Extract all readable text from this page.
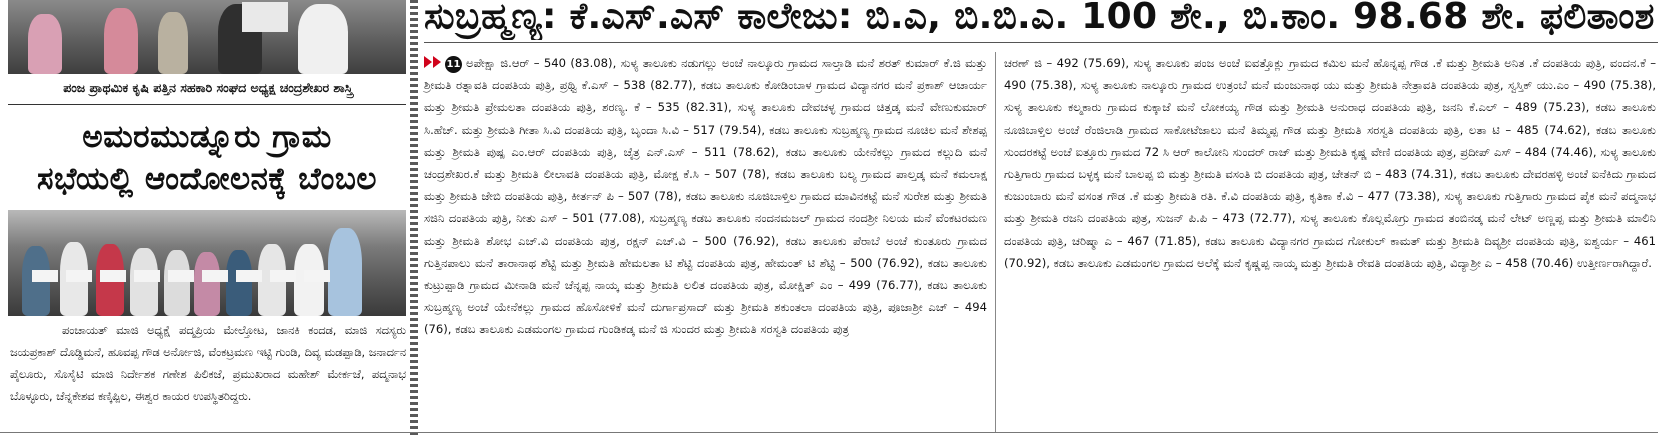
ಪಂಜ ಪ್ರಾಥಮಿಕ ಕೃಷಿ ಪತ್ತಿನ ಸಹಕಾರಿ ಸಂಘದ ಅಧ್ಯಕ್ಷ ಚಂದ್ರಶೇಖರ ಶಾಸ್ತ್ರಿ
ಅಮರಮುಡ್ನೂರು ಗ್ರಾಮ
ಸಭೆಯಲ್ಲಿ ಆಂದೋಲನಕ್ಕೆ ಬೆಂಬಲ
ಪಂಚಾಯತ್ ಮಾಜಿ ಅಧ್ಯಕ್ಷೆ ಪದ್ಮಪ್ರಿಯ ಮೇಲ್ತೋಟ, ಜಾನಕಿ ಕಂದಡ, ಮಾಜಿ ಸದಸ್ಯರು ಜಯಪ್ರಕಾಶ್ ದೊಡ್ಡಿಮನೆ, ಹೂವಪ್ಪ ಗೌಡ ಅರ್ನೋಜಿ, ವೆಂಕಟ್ರಮಣ ಇಟ್ಟಿ ಗುಂಡಿ, ದಿವ್ಯ ಮಡಪ್ಪಾಡಿ, ಜನಾರ್ದನ ಪೈಲೂರು, ಸೊಸೈಟಿ ಮಾಜಿ ನಿರ್ದೇಶಕ ಗಣೇಶ ಪಿಲಿಕಜೆ, ಪ್ರಮುಖರಾದ ಮಹೇಶ್ ಮೇರ್ಕಜೆ, ಪದ್ಮನಾಭ ಬೊಳ್ಳೂರು, ಚೆನ್ನಕೇಶವ ಕಣ್ಕಿಪ್ಪಿಲ, ಈಶ್ವರ ಕಾಯರ ಉಪಸ್ಥಿತರಿದ್ದರು.
ಸುಬ್ರಹ್ಮಣ್ಯ: ಕೆ.ಎಸ್.ಎಸ್ ಕಾಲೇಜು: ಬಿ.ಎ, ಬಿ.ಬಿ.ಎ. 100 ಶೇ., ಬಿ.ಕಾಂ. 98.68 ಶೇ. ಫಲಿತಾಂಶ
11 ಅಪೇಕ್ಷಾ ಜಿ.ಆರ್ – 540 (83.08), ಸುಳ್ಯ ತಾಲೂಕು ನಡುಗಲ್ಲು ಅಂಚೆ ನಾಲ್ಕೂರು ಗ್ರಾಮದ ಸಾಲ್ತಾಡಿ ಮನೆ ಶರತ್ ಕುಮಾರ್ ಕೆ.ಜಿ ಮತ್ತು ಶ್ರೀಮತಿ ರತ್ನಾವತಿ ದಂಪತಿಯ ಪುತ್ರಿ, ಪ್ರಥ್ವಿ ಕೆ.ಎಸ್ – 538 (82.77), ಕಡಬ ತಾಲೂಕು ಕೋಡಿಂಬಾಳ ಗ್ರಾಮದ ವಿದ್ಯಾನಗರ ಮನೆ ಪ್ರಕಾಶ್ ಆಚಾರ್ಯ ಮತ್ತು ಶ್ರೀಮತಿ ಪ್ರೇಮಲತಾ ದಂಪತಿಯ ಪುತ್ರಿ, ಶರಣ್ಯ. ಕೆ – 535 (82.31), ಸುಳ್ಯ ತಾಲೂಕು ದೇವಚಳ್ಳ ಗ್ರಾಮದ ಚಿತ್ತಡ್ಕ ಮನೆ ವೇಣುಕುಮಾರ್ ಸಿ.ಹೆಚ್. ಮತ್ತು ಶ್ರೀಮತಿ ಗೀತಾ ಸಿ.ವಿ ದಂಪತಿಯ ಪುತ್ರಿ, ಬೃಂದಾ ಸಿ.ವಿ – 517 (79.54), ಕಡಬ ತಾಲೂಕು ಸುಬ್ರಹ್ಮಣ್ಯ ಗ್ರಾಮದ ನೂಚಿಲ ಮನೆ ಶೇಶಪ್ಪ ಮತ್ತು ಶ್ರೀಮತಿ ಪುಷ್ಪ ಎಂ.ಆರ್ ದಂಪತಿಯ ಪುತ್ರಿ, ಚೈತ್ರ ಎನ್.ಎಸ್ – 511 (78.62), ಕಡಬ ತಾಲೂಕು ಯೇನೆಕಲ್ಲು ಗ್ರಾಮದ ಕಲ್ಲುದಿ ಮನೆ ಚಂದ್ರಶೇಖರ.ಕೆ ಮತ್ತು ಶ್ರೀಮತಿ ಲೀಲಾವತಿ ದಂಪತಿಯ ಪುತ್ರಿ, ಮೋಕ್ಷ ಕೆ.ಸಿ – 507 (78), ಕಡಬ ತಾಲೂಕು ಬಲ್ಯ ಗ್ರಾಮದ ಪಾಲ್ತಡ್ಕ ಮನೆ ಕಮಲಾಕ್ಷ ಮತ್ತು ಶ್ರೀಮತಿ ಜೇಬಿ ದಂಪತಿಯ ಪುತ್ರಿ, ಕೀರ್ತನ್ ಪಿ – 507 (78), ಕಡಬ ತಾಲೂಕು ನೂಜಿಬಾಳ್ತಿಲ ಗ್ರಾಮದ ಮಾವಿನಕಟ್ಟೆ ಮನೆ ಸುರೇಶ ಮತ್ತು ಶ್ರೀಮತಿ ಸಜಿನಿ ದಂಪತಿಯ ಪುತ್ರಿ, ನೀತು ಎಸ್ – 501 (77.08), ಸುಬ್ರಹ್ಮಣ್ಯ ಕಡಬ ತಾಲೂಕು ನಂದನಮಜಲ್ ಗ್ರಾಮದ ನಂದಶ್ರೀ ನಿಲಯ ಮನೆ ವೆಂಕಟರಮಣ ಮತ್ತು ಶ್ರೀಮತಿ ಶೋಭ ಎಚ್.ವಿ ದಂಪತಿಯ ಪುತ್ರ, ರಕ್ಷನ್ ಎಚ್.ವಿ – 500 (76.92), ಕಡಬ ತಾಲೂಕು ಪೆರಾಬೆ ಅಂಚೆ ಕುಂತೂರು ಗ್ರಾಮದ ಗುತ್ತಿನಪಾಲು ಮನೆ ತಾರಾನಾಥ ಶೆಟ್ಟಿ ಮತ್ತು ಶ್ರೀಮತಿ ಹೇಮಲತಾ ಟಿ ಶೆಟ್ಟಿ ದಂಪತಿಯ ಪುತ್ರ, ಹೇಮಂತ್ ಟಿ ಶೆಟ್ಟಿ – 500 (76.92), ಕಡಬ ತಾಲೂಕು ಕುಟ್ರುಪ್ಪಾಡಿ ಗ್ರಾಮದ ಮೀನಾಡಿ ಮನೆ ಚೆನ್ನಪ್ಪ ನಾಯ್ಕ ಮತ್ತು ಶ್ರೀಮತಿ ಲಲಿತ ದಂಪತಿಯ ಪುತ್ರ, ಮೋಕ್ಷಿತ್ ಎಂ – 499 (76.77), ಕಡಬ ತಾಲೂಕು ಸುಬ್ರಹ್ಮಣ್ಯ ಅಂಚೆ ಯೇನೆಕಲ್ಲು ಗ್ರಾಮದ ಹೊಸೋಳಿಕೆ ಮನೆ ದುರ್ಗಾಪ್ರಸಾದ್ ಮತ್ತು ಶ್ರೀಮತಿ ಶಕುಂತಲಾ ದಂಪತಿಯ ಪುತ್ರಿ, ಪೂಜಾಶ್ರೀ ಎಚ್ – 494 (76), ಕಡಬ ತಾಲೂಕು ಎಡಮಂಗಲ ಗ್ರಾಮದ ಗುಂಡಿಕಡ್ಕ ಮನೆ ಜಿ ಸುಂದರ ಮತ್ತು ಶ್ರೀಮತಿ ಸರಸ್ವತಿ ದಂಪತಿಯ ಪುತ್ರ
ಚರಣ್ ಜಿ – 492 (75.69), ಸುಳ್ಯ ತಾಲೂಕು ಪಂಜ ಅಂಚೆ ಐವತ್ತೊಕ್ಲು ಗ್ರಾಮದ ಕಮಿಲ ಮನೆ ಹೊನ್ನಪ್ಪ ಗೌಡ .ಕೆ ಮತ್ತು ಶ್ರೀಮತಿ ಅನಿತ .ಕೆ ದಂಪತಿಯ ಪುತ್ರಿ, ವಂದನ.ಕೆ – 490 (75.38), ಸುಳ್ಯ ತಾಲೂಕು ನಾಲ್ಕೂರು ಗ್ರಾಮದ ಉತ್ರಂಬೆ ಮನೆ ಮಂಜುನಾಥ ಯು ಮತ್ತು ಶ್ರೀಮತಿ ನೇತ್ರಾವತಿ ದಂಪತಿಯ ಪುತ್ರ, ಸ್ವಸ್ತಿಕ್ ಯು.ಎಂ – 490 (75.38), ಸುಳ್ಯ ತಾಲೂಕು ಕಲ್ಮಕಾರು ಗ್ರಾಮದ ಕುಕ್ಕಾಜೆ ಮನೆ ಲೋಕಯ್ಯ ಗೌಡ ಮತ್ತು ಶ್ರೀಮತಿ ಅನುರಾಧ ದಂಪತಿಯ ಪುತ್ರಿ, ಜನನಿ ಕೆ.ಎಲ್ – 489 (75.23), ಕಡಬ ತಾಲೂಕು ನೂಜಿಬಾಳ್ತಿಲ ಅಂಚೆ ರೆಂಜಿಲಾಡಿ ಗ್ರಾಮದ ಸಾಕೋಟೆಜಾಲು ಮನೆ ತಿಮ್ಮಪ್ಪ ಗೌಡ ಮತ್ತು ಶ್ರೀಮತಿ ಸರಸ್ವತಿ ದಂಪತಿಯ ಪುತ್ರಿ, ಲತಾ ಟಿ – 485 (74.62), ಕಡಬ ತಾಲೂಕು ಸುಂದರಕಟ್ಟೆ ಅಂಚೆ ಐತ್ತೂರು ಗ್ರಾಮದ 72 ಸಿ ಆರ್ ಕಾಲೋನಿ ಸುಂದರ್ ರಾಜ್ ಮತ್ತು ಶ್ರೀಮತಿ ಕೃಷ್ಣ ವೇಣಿ ದಂಪತಿಯ ಪುತ್ರ, ಪ್ರದೀಪ್ ಎಸ್ – 484 (74.46), ಸುಳ್ಯ ತಾಲೂಕು ಗುತ್ತಿಗಾರು ಗ್ರಾಮದ ಬಳ್ಳಕ್ಕ ಮನೆ ಬಾಲಪ್ಪ ಬಿ ಮತ್ತು ಶ್ರೀಮತಿ ವಸಂತಿ ಬಿ ದಂಪತಿಯ ಪುತ್ರ, ಚೇತನ್ ಬಿ – 483 (74.31), ಕಡಬ ತಾಲೂಕು ದೇವರಹಳ್ಳಿ ಅಂಚೆ ಐನೆಕಿದು ಗ್ರಾಮದ ಕುಜುಂಬಾರು ಮನೆ ವಸಂತ ಗೌಡ .ಕೆ ಮತ್ತು ಶ್ರೀಮತಿ ರತಿ. ಕೆ.ವಿ ದಂಪತಿಯ ಪುತ್ರಿ, ಕೃತಿಕಾ ಕೆ.ವಿ – 477 (73.38), ಸುಳ್ಯ ತಾಲೂಕು ಗುತ್ತಿಗಾರು ಗ್ರಾಮದ ಪೈಕ ಮನೆ ಪದ್ಮನಾಭ ಮತ್ತು ಶ್ರೀಮತಿ ರಜನಿ ದಂಪತಿಯ ಪುತ್ರ, ಸುಜನ್ ಪಿ.ಪಿ – 473 (72.77), ಸುಳ್ಯ ತಾಲೂಕು ಕೊಲ್ಲಮೊಗ್ರು ಗ್ರಾಮದ ತಂಬಿನಡ್ಕ ಮನೆ ಲೇಟ್ ಅಣ್ಣಪ್ಪ ಮತ್ತು ಶ್ರೀಮತಿ ಮಾಲಿನಿ ದಂಪತಿಯ ಪುತ್ರಿ, ಚರಿಷ್ಮಾ ಎ – 467 (71.85), ಕಡಬ ತಾಲೂಕು ವಿದ್ಯಾನಗರ ಗ್ರಾಮದ ಗೋಕುಲ್ ಕಾಮತ್ ಮತ್ತು ಶ್ರೀಮತಿ ದಿವ್ಯಶ್ರೀ ದಂಪತಿಯ ಪುತ್ರಿ, ಐಶ್ವರ್ಯ – 461 (70.92), ಕಡಬ ತಾಲೂಕು ಎಡಮಂಗಲ ಗ್ರಾಮದ ಅಲೆಕ್ಕೆ ಮನೆ ಕೃಷ್ಣಪ್ಪ ನಾಯ್ಕ ಮತ್ತು ಶ್ರೀಮತಿ ರೇವತಿ ದಂಪತಿಯ ಪುತ್ರಿ, ವಿದ್ಯಾಶ್ರೀ ಎ – 458 (70.46) ಉತ್ತೀರ್ಣರಾಗಿದ್ದಾರೆ.
